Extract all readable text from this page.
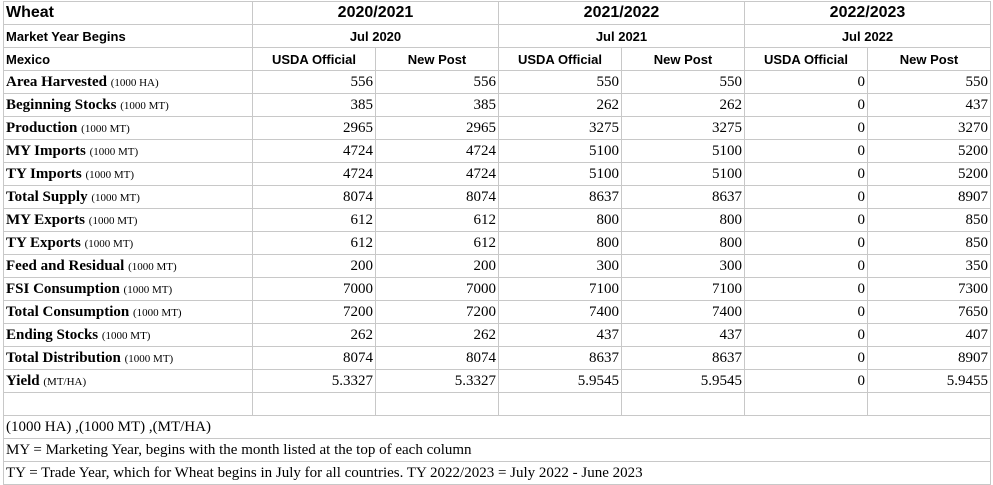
Wheat	2020/2021		2021/2022		2022/2023	
Market Year Begins	Jul 2020		Jul 2021		Jul 2022	
Mexico	USDA Official	New Post	USDA Official	New Post	USDA Official	New Post
Area Harvested (1000 HA)	556	556	550	550	0	550
Beginning Stocks (1000 MT)	385	385	262	262	0	437
Production (1000 MT)	2965	2965	3275	3275	0	3270
MY Imports (1000 MT)	4724	4724	5100	5100	0	5200
TY Imports (1000 MT)	4724	4724	5100	5100	0	5200
Total Supply (1000 MT)	8074	8074	8637	8637	0	8907
MY Exports (1000 MT)	612	612	800	800	0	850
TY Exports (1000 MT)	612	612	800	800	0	850
Feed and Residual (1000 MT)	200	200	300	300	0	350
FSI Consumption (1000 MT)	7000	7000	7100	7100	0	7300
Total Consumption (1000 MT)	7200	7200	7400	7400	0	7650
Ending Stocks (1000 MT)	262	262	437	437	0	407
Total Distribution (1000 MT)	8074	8074	8637	8637	0	8907
Yield (MT/HA)	5.3327	5.3327	5.9545	5.9545	0	5.9455

(1000 HA) ,(1000 MT) ,(MT/HA)						
MY = Marketing Year, begins with the month listed at the top of each column						
TY = Trade Year, which for Wheat begins in July for all countries. TY 2022/2023 = July 2022 - June 2023						
